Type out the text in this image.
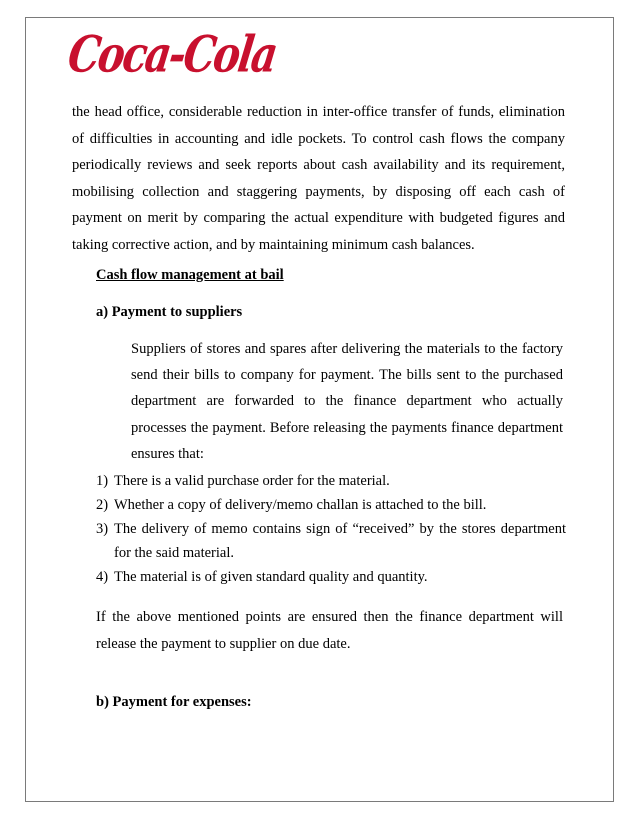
Coca-Cola

the head office, considerable reduction in inter-office transfer of funds, elimination of difficulties in accounting and idle pockets. To control cash flows the company periodically reviews and seek reports about cash availability and its requirement, mobilising collection and staggering payments, by disposing off each cash of payment on merit by comparing the actual expenditure with budgeted figures and taking corrective action, and by maintaining minimum cash balances.

Cash flow management at bail

a) Payment to suppliers

Suppliers of stores and spares after delivering the materials to the factory send their bills to company for payment. The bills sent to the purchased department are forwarded to the finance department who actually processes the payment. Before releasing the payments finance department ensures that:

1) There is a valid purchase order for the material.
2) Whether a copy of delivery/memo challan is attached to the bill.
3) The delivery of memo contains sign of “received” by the stores department for the said material.
4) The material is of given standard quality and quantity.

If the above mentioned points are ensured then the finance department will release the payment to supplier on due date.

b) Payment for expenses:
